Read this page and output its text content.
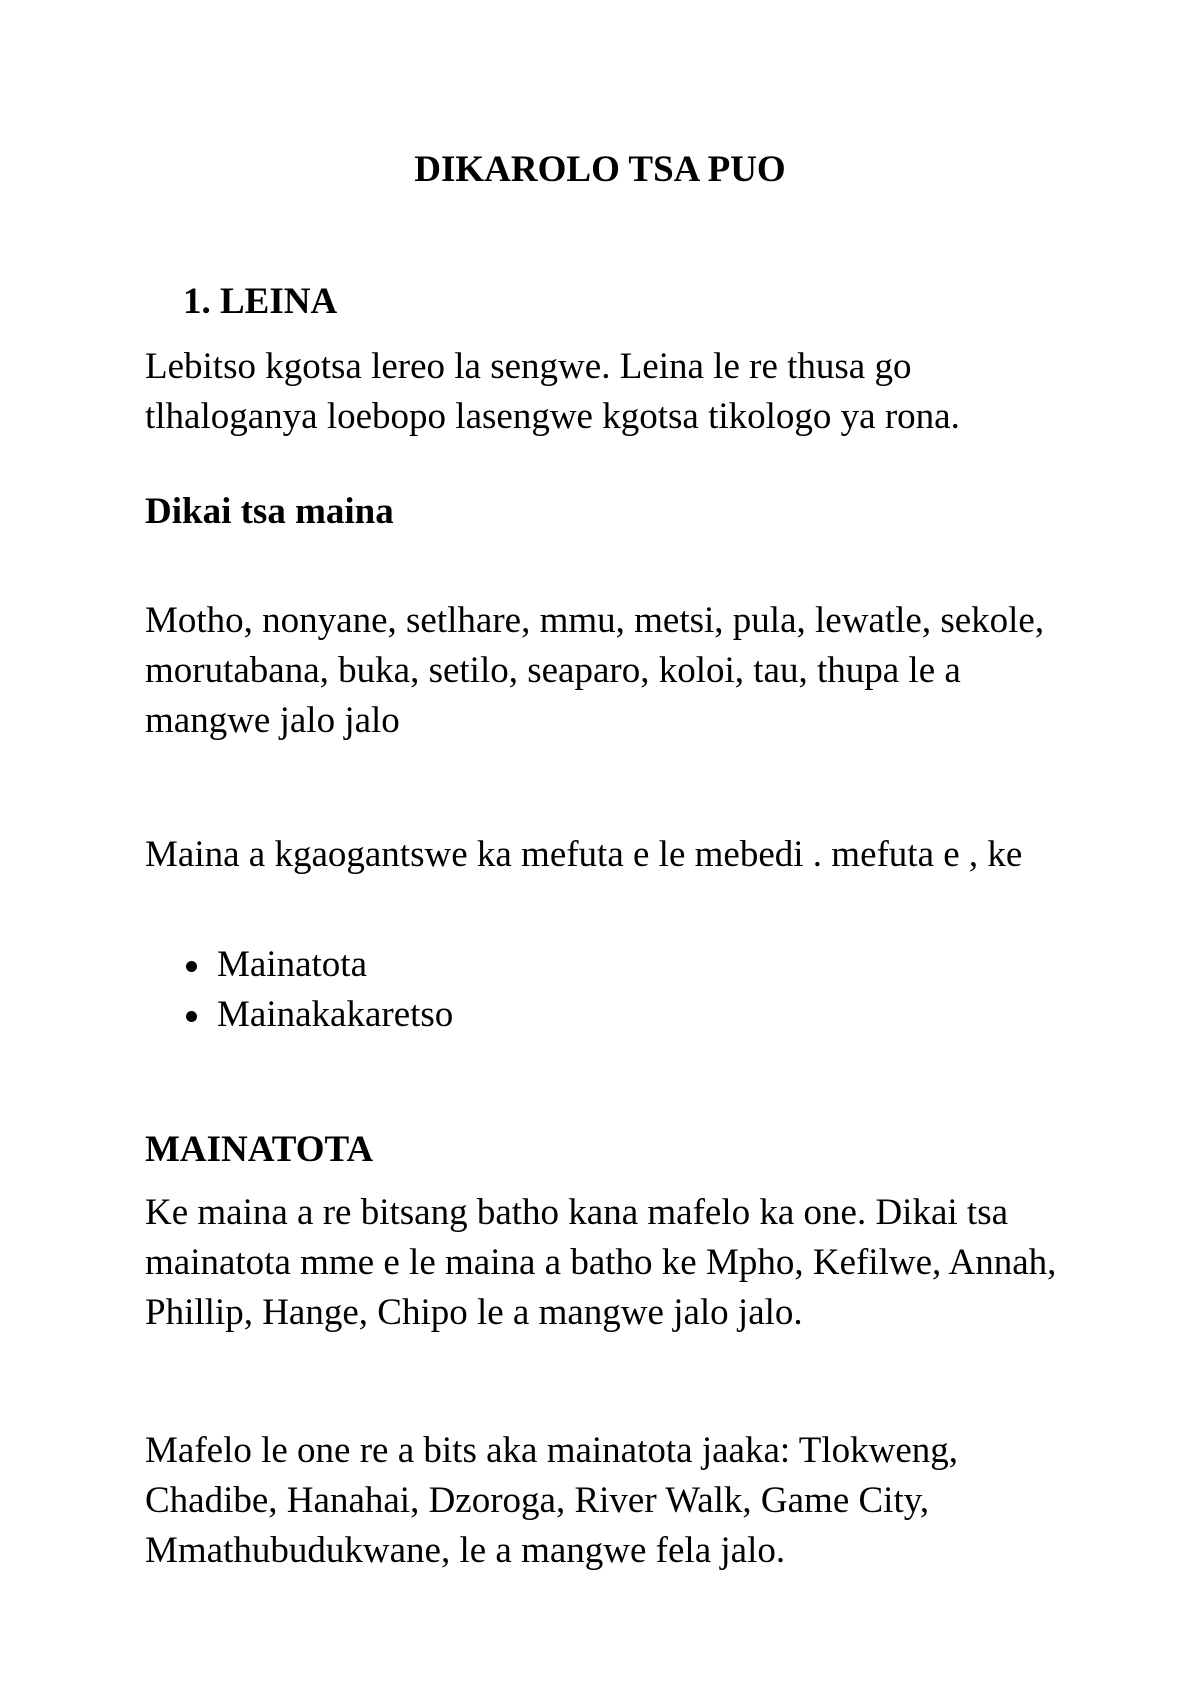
DIKAROLO TSA PUO
1. LEINA

Lebitso kgotsa lereo la sengwe. Leina le re thusa go tlhaloganya loebopo lasengwe kgotsa tikologo ya rona.

Dikai tsa maina

Motho, nonyane, setlhare, mmu, metsi, pula, lewatle, sekole, morutabana, buka, setilo, seaparo, koloi, tau, thupa le a mangwe jalo jalo

Maina a kgaogantswe ka mefuta e le mebedi . mefuta e , ke

Mainatota
Mainakakaretso
MAINATOTA

Ke maina a re bitsang batho kana mafelo ka one. Dikai tsa mainatota mme e le maina a batho ke Mpho, Kefilwe, Annah, Phillip, Hange, Chipo le a mangwe jalo jalo.

Mafelo le one re a bits aka mainatota jaaka: Tlokweng, Chadibe, Hanahai, Dzoroga, River Walk, Game City, Mmathubudukwane, le a mangwe fela jalo.
